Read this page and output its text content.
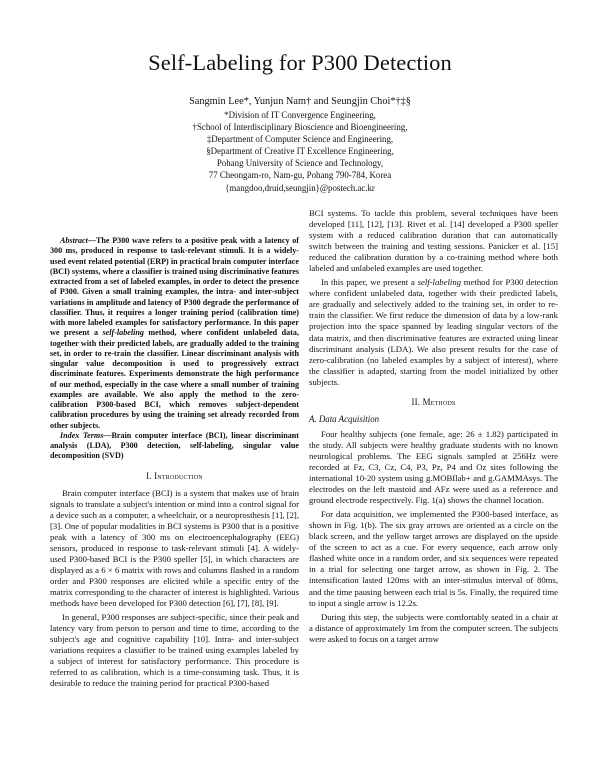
Self-Labeling for P300 Detection
Sangmin Lee*, Yunjun Nam† and Seungjin Choi*†‡§
*Division of IT Convergence Engineering,
†School of Interdisciplinary Bioscience and Bioengineering,
‡Department of Computer Science and Engineering,
§Department of Creative IT Excellence Engineering,
Pohang University of Science and Technology,
77 Cheongam-ro, Nam-gu, Pohang 790-784, Korea
{mangdoo,druid,seungjin}@postech.ac.kr

Abstract—The P300 wave refers to a positive peak with a latency of 300 ms, produced in response to task-relevant stimuli. It is a widely-used event related potential (ERP) in practical brain computer interface (BCI) systems, where a classifier is trained using discriminative features extracted from a set of labeled examples, in order to detect the presence of P300. Given a small training examples, the intra- and inter-subject variations in amplitude and latency of P300 degrade the performance of classifier. Thus, it requires a longer training period (calibration time) with more labeled examples for satisfactory performance. In this paper we present a self-labeling method, where confident unlabeled data, together with their predicted labels, are gradually added to the training set, in order to re-train the classifier. Linear discriminant analysis with singular value decomposition is used to progressively extract discriminate features. Experiments demonstrate the high performance of our method, especially in the case where a small number of training examples are available. We also apply the method to the zero-calibration P300-based BCI, which removes subject-dependent calibration procedures by using the training set already recorded from other subjects.

Index Terms—Brain computer interface (BCI), linear discriminant analysis (LDA), P300 detection, self-labeling, singular value decomposition (SVD)

I. Introduction

Brain computer interface (BCI) is a system that makes use of brain signals to translate a subject's intention or mind into a control signal for a device such as a computer, a wheelchair, or a neuroprosthesis [1], [2], [3]. One of popular modalities in BCI systems is P300 that is a positive peak with a latency of 300 ms on electroencephalography (EEG) sensors, produced in response to task-relevant stimuli [4]. A widely-used P300-based BCI is the P300 speller [5], in which characters are displayed as a 6 × 6 matrix with rows and columns flashed in a random order and P300 responses are elicited while a specific entry of the matrix corresponding to the character of interest is highlighted. Various methods have been developed for P300 detection [6], [7], [8], [9].

In general, P300 responses are subject-specific, since their peak and latency vary from person to person and time to time, according to the subject's age and cognitive capability [10]. Intra- and inter-subject variations requires a classifier to be trained using examples labeled by a subject of interest for satisfactory performance. This procedure is referred to as calibration, which is a time-consuming task. Thus, it is desirable to reduce the training period for practical P300-based

BCI systems. To tackle this problem, several techniques have been developed [11], [12], [13]. Rivet et al. [14] developed a P300 speller system with a reduced calibration duration that can automatically switch between the training and testing sessions. Panicker et al. [15] reduced the calibration duration by a co-training method where both labeled and unlabeled examples are used together.

In this paper, we present a self-labeling method for P300 detection where confident unlabeled data, together with their predicted labels, are gradually and selectively added to the training set, in order to re-train the classifier. We first reduce the dimension of data by a low-rank projection into the space spanned by leading singular vectors of the data matrix, and then discriminative features are extracted using linear discriminant analysis (LDA). We also present results for the case of zero-calibration (no labeled examples by a subject of interest), where the classifier is adapted, starting from the model initialized by other subjects.

II. Methods
A. Data Acquisition

Four healthy subjects (one female, age: 26 ± 1.82) participated in the study. All subjects were healthy graduate students with no known neurological problems. The EEG signals sampled at 256Hz were recorded at Fz, C3, Cz, C4, P3, Pz, P4 and Oz sites following the international 10-20 system using g.MOBIlab+ and g.GAMMAsys. The electrodes on the left mastoid and AFz were used as a reference and ground electrode respectively. Fig. 1(a) shows the channel location.

For data acquisition, we implemented the P300-based interface, as shown in Fig. 1(b). The six gray arrows are oriented as a circle on the black screen, and the yellow target arrows are displayed on the upside of the screen to act as a cue. For every sequence, each arrow only flashed white once in a random order, and six sequences were repeated in a trial for selecting one target arrow, as shown in Fig. 2. The intensification lasted 120ms with an inter-stimulus interval of 80ms, and the time pausing between each trial is 5s. Finally, the required time to input a single arrow is 12.2s.

During this step, the subjects were comfortably seated in a chair at a distance of approximately 1m from the computer screen. The subjects were asked to focus on a target arrow
